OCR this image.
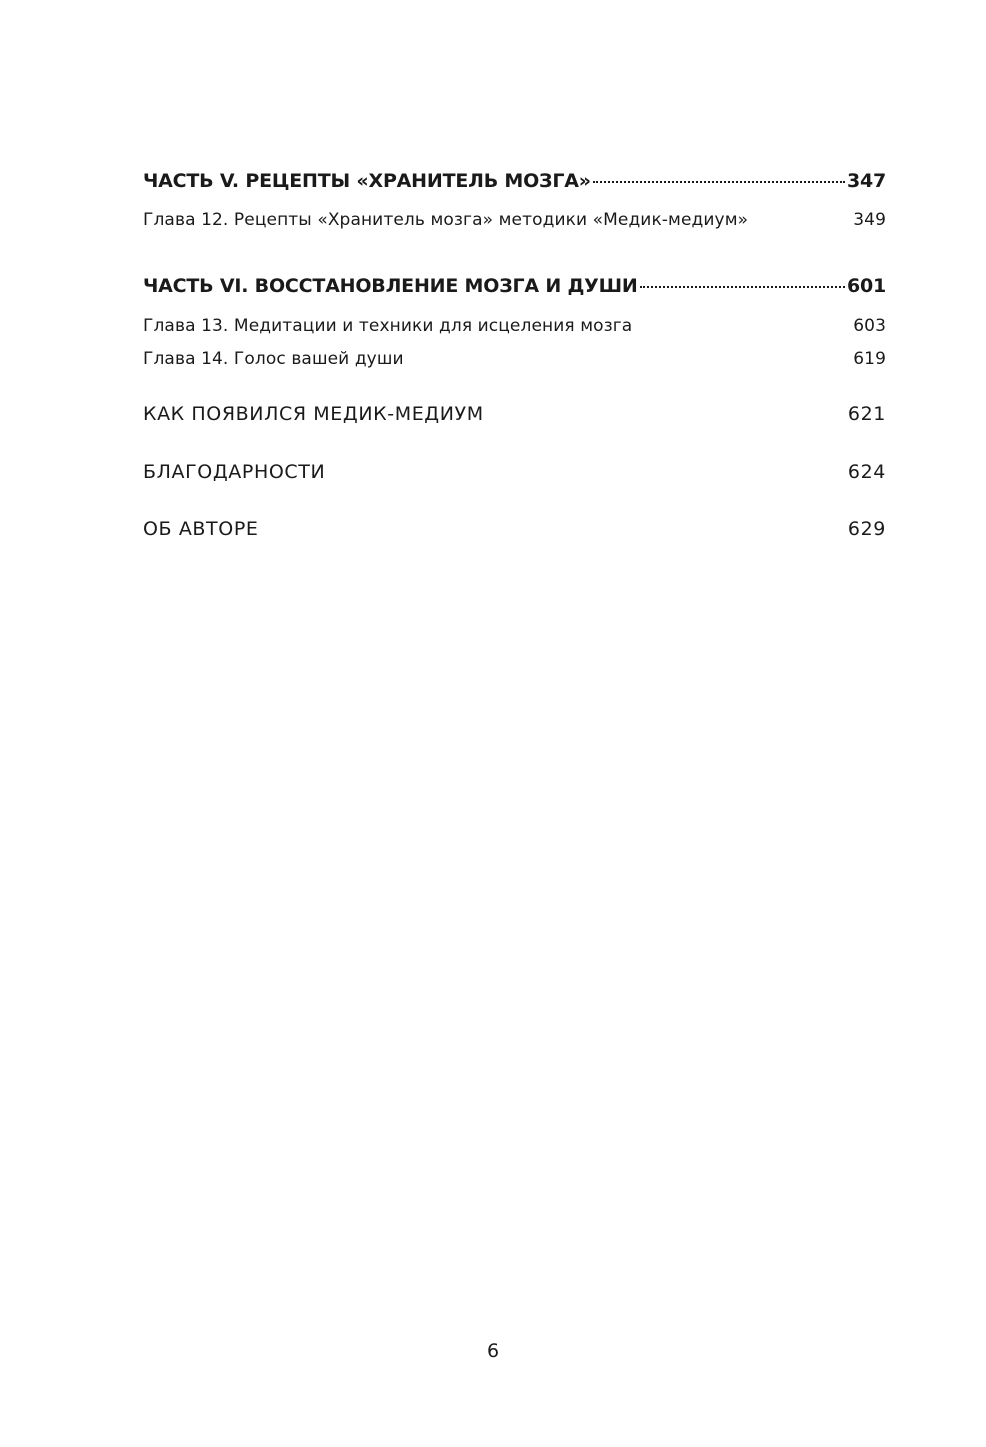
ЧАСТЬ V. РЕЦЕПТЫ «ХРАНИТЕЛЬ МОЗГА»	347
Глава 12. Рецепты «Хранитель мозга» методики «Медик-медиум»	349
ЧАСТЬ VI. ВОССТАНОВЛЕНИЕ МОЗГА И ДУШИ	601
Глава 13. Медитации и техники для исцеления мозга	603
Глава 14. Голос вашей души	619
КАК ПОЯВИЛСЯ МЕДИК-МЕДИУМ	621
БЛАГОДАРНОСТИ	624
ОБ АВТОРЕ	629
6
